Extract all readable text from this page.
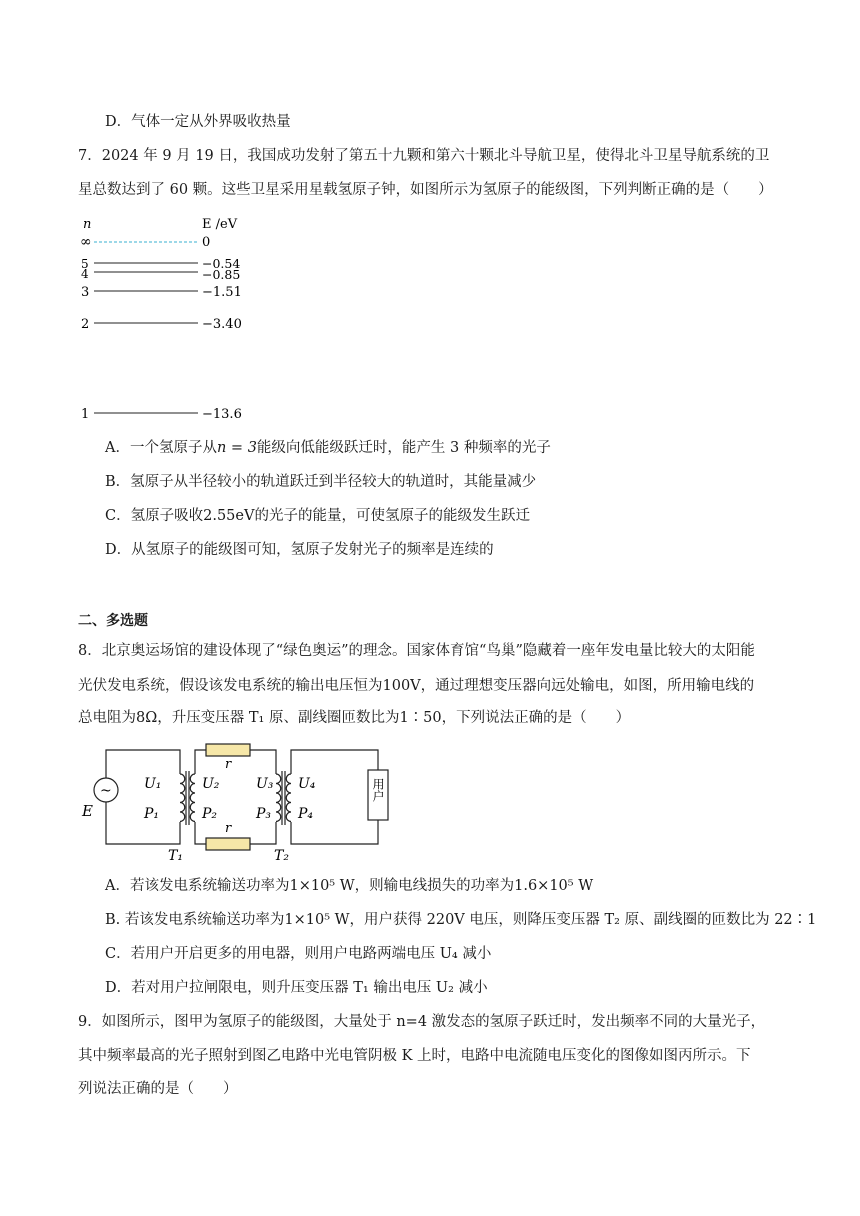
D．气体一定从外界吸收热量
7．2024 年 9 月 19 日，我国成功发射了第五十九颗和第六十颗北斗导航卫星，使得北斗卫星导航系统的卫
星总数达到了 60 颗。这些卫星采用星载氢原子钟，如图所示为氢原子的能级图，下列判断正确的是（　　）
n	E /eV
∞	0
5	−0.54
4	−0.85
3	−1.51
2	−3.40
1	−13.6
A．一个氢原子从n = 3能级向低能级跃迁时，能产生 3 种频率的光子
B．氢原子从半径较小的轨道跃迁到半径较大的轨道时，其能量减少
C．氢原子吸收2.55eV的光子的能量，可使氢原子的能级发生跃迁
D．从氢原子的能级图可知，氢原子发射光子的频率是连续的
二、多选题
8．北京奥运场馆的建设体现了“绿色奥运”的理念。国家体育馆“鸟巢”隐藏着一座年发电量比较大的太阳能
光伏发电系统，假设该发电系统的输出电压恒为100V，通过理想变压器向远处输电，如图，所用输电线的
总电阻为8Ω，升压变压器 T₁ 原、副线圈匝数比为1∶50，下列说法正确的是（　　）
~
E
r
r
U₁
P₁
U₂
P₂
U₃
P₃
U₄
P₄
T₁	T₂
用户
A．若该发电系统输送功率为1×10⁵ W，则输电线损失的功率为1.6×10⁵ W
B. 若该发电系统输送功率为1×10⁵ W，用户获得 220V 电压，则降压变压器 T₂ 原、副线圈的匝数比为 22∶1
C．若用户开启更多的用电器，则用户电路两端电压 U₄ 减小
D．若对用户拉闸限电，则升压变压器 T₁ 输出电压 U₂ 减小
9．如图所示，图甲为氢原子的能级图，大量处于 n=4 激发态的氢原子跃迁时，发出频率不同的大量光子，
其中频率最高的光子照射到图乙电路中光电管阴极 K 上时，电路中电流随电压变化的图像如图丙所示。下
列说法正确的是（　　）
